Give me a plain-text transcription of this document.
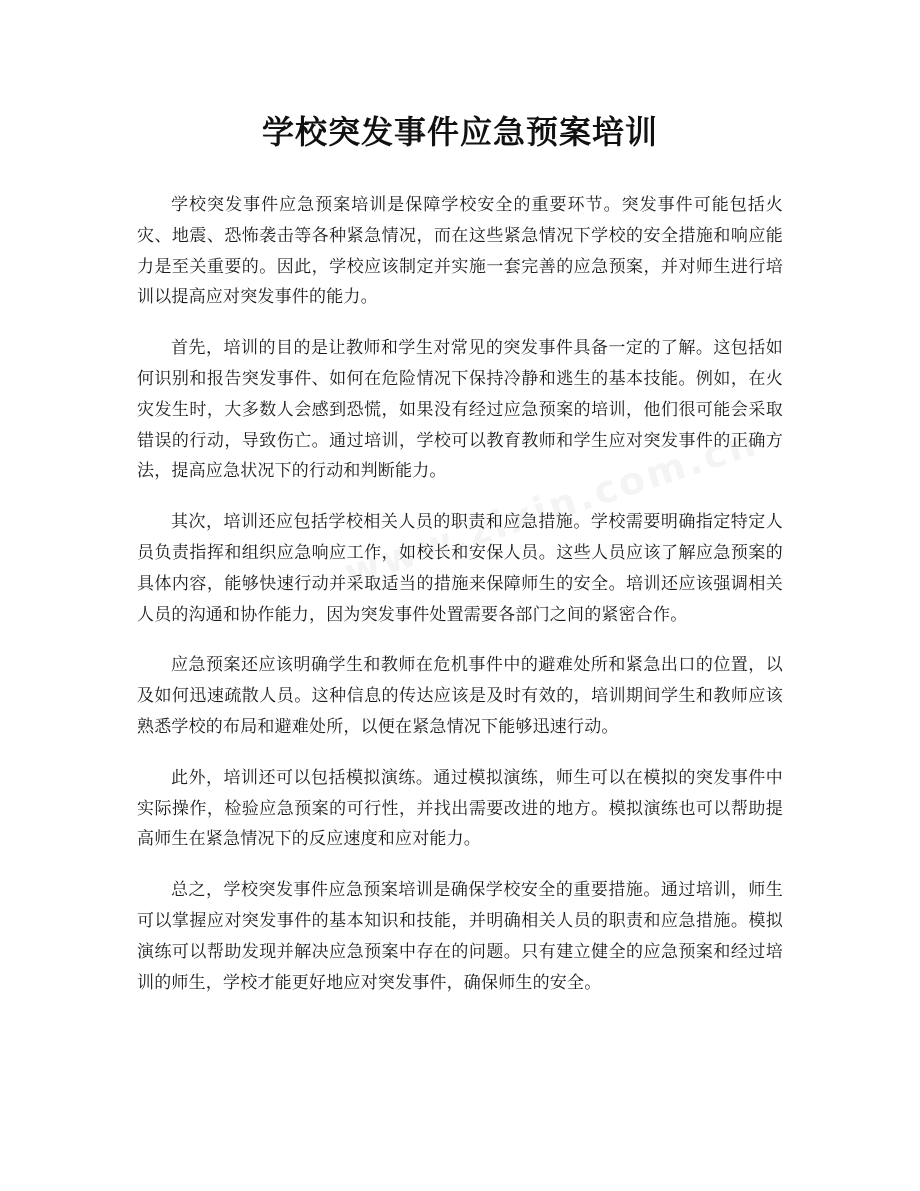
学校突发事件应急预案培训

学校突发事件应急预案培训是保障学校安全的重要环节。突发事件可能包括火灾、地震、恐怖袭击等各种紧急情况，而在这些紧急情况下学校的安全措施和响应能力是至关重要的。因此，学校应该制定并实施一套完善的应急预案，并对师生进行培训以提高应对突发事件的能力。

首先，培训的目的是让教师和学生对常见的突发事件具备一定的了解。这包括如何识别和报告突发事件、如何在危险情况下保持冷静和逃生的基本技能。例如，在火灾发生时，大多数人会感到恐慌，如果没有经过应急预案的培训，他们很可能会采取错误的行动，导致伤亡。通过培训，学校可以教育教师和学生应对突发事件的正确方法，提高应急状况下的行动和判断能力。

其次，培训还应包括学校相关人员的职责和应急措施。学校需要明确指定特定人员负责指挥和组织应急响应工作，如校长和安保人员。这些人员应该了解应急预案的具体内容，能够快速行动并采取适当的措施来保障师生的安全。培训还应该强调相关人员的沟通和协作能力，因为突发事件处置需要各部门之间的紧密合作。

应急预案还应该明确学生和教师在危机事件中的避难处所和紧急出口的位置，以及如何迅速疏散人员。这种信息的传达应该是及时有效的，培训期间学生和教师应该熟悉学校的布局和避难处所，以便在紧急情况下能够迅速行动。

此外，培训还可以包括模拟演练。通过模拟演练，师生可以在模拟的突发事件中实际操作，检验应急预案的可行性，并找出需要改进的地方。模拟演练也可以帮助提高师生在紧急情况下的反应速度和应对能力。

总之，学校突发事件应急预案培训是确保学校安全的重要措施。通过培训，师生可以掌握应对突发事件的基本知识和技能，并明确相关人员的职责和应急措施。模拟演练可以帮助发现并解决应急预案中存在的问题。只有建立健全的应急预案和经过培训的师生，学校才能更好地应对突发事件，确保师生的安全。
